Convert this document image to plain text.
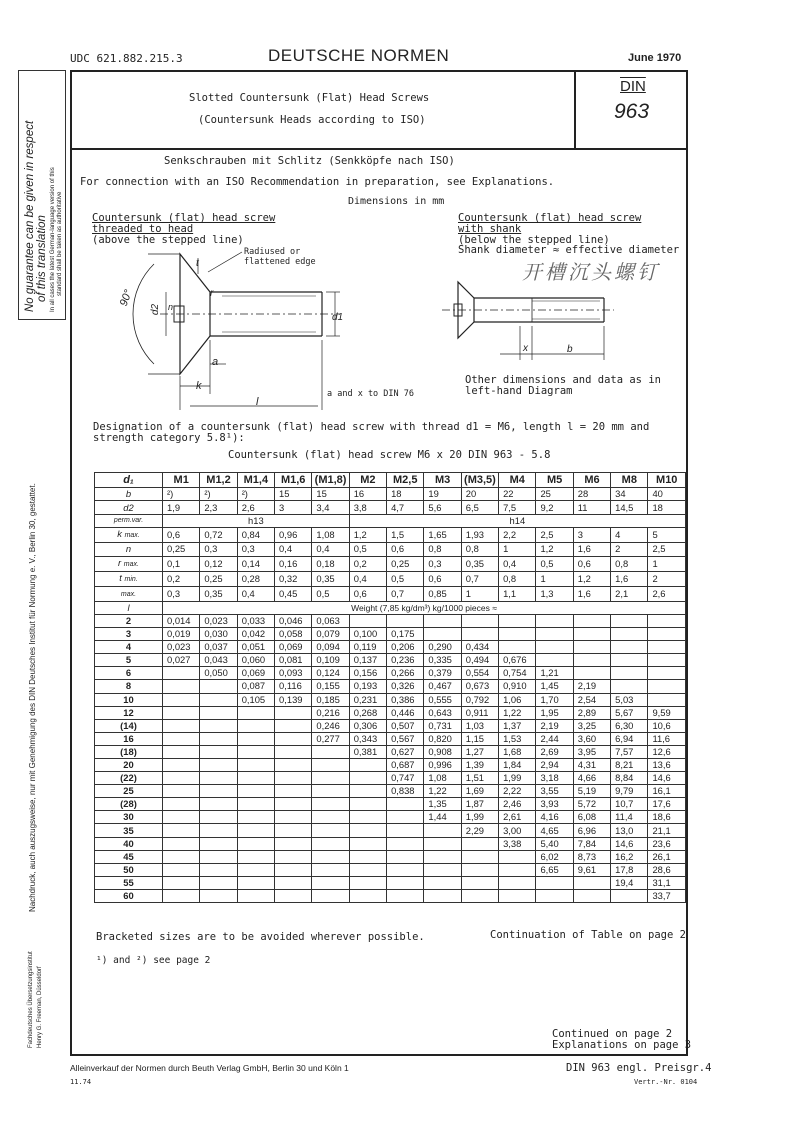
UDC 621.882.215.3	DEUTSCHE NORMEN	June 1970
Slotted Countersunk (Flat) Head Screws
(Countersunk Heads according to ISO)
DIN
963
No guarantee can be given in respect of this translation In all cases the latest German-language version of this standard shall be taken as authoritative
Nachdruck, auch auszugsweise, nur mit Genehmigung des DIN Deutsches Institut für Normung e. V., Berlin 30, gestattet.
Fachdeutsches Übersetzungsinstitut Henry G. Freeman, Düsseldorf
Senkschrauben mit Schlitz (Senkköpfe nach ISO)
For connection with an ISO Recommendation in preparation, see Explanations.
Dimensions in mm
Countersunk (flat) head screw
threaded to head
(above the stepped line)
Radiused or
flattened edge
90°
d2
d1
t
r
n
k
a
l
a and x to DIN 76
Countersunk (flat) head screw
with shank
(below the stepped line)
Shank diameter ≈ effective diameter
开槽沉头螺钉
x	b
Other dimensions and data as in
left-hand Diagram
Designation of a countersunk (flat) head screw with thread d1 = M6, length l = 20 mm and
strength category 5.8¹):
Countersunk (flat) head screw M6 x 20 DIN 963 - 5.8
d₁	M1	M1,2	M1,4	M1,6	(M1,8)	M2	M2,5	M3	(M3,5)	M4	M5	M6	M8	M10
b	²)	²)	²)	15	15	16	18	19	20	22	25	28	34	40
d2	1,9	2,3	2,6	3	3,4	3,8	4,7	5,6	6,5	7,5	9,2	11	14,5	18
perm.var.	h13					h14								
k max.	0,6	0,72	0,84	0,96	1,08	1,2	1,5	1,65	1,93	2,2	2,5	3	4	5
n	0,25	0,3	0,3	0,4	0,4	0,5	0,6	0,8	0,8	1	1,2	1,6	2	2,5
r max.	0,1	0,12	0,14	0,16	0,18	0,2	0,25	0,3	0,35	0,4	0,5	0,6	0,8	1
t min.	0,2	0,25	0,28	0,32	0,35	0,4	0,5	0,6	0,7	0,8	1	1,2	1,6	2
max.	0,3	0,35	0,4	0,45	0,5	0,6	0,7	0,85	1	1,1	1,3	1,6	2,1	2,6
l	Weight (7,85 kg/dm³) kg/1000 pieces ≈													
2	0,014	0,023	0,033	0,046	0,063									
3	0,019	0,030	0,042	0,058	0,079	0,100	0,175							
4	0,023	0,037	0,051	0,069	0,094	0,119	0,206	0,290	0,434					
5	0,027	0,043	0,060	0,081	0,109	0,137	0,236	0,335	0,494	0,676				
6		0,050	0,069	0,093	0,124	0,156	0,266	0,379	0,554	0,754	1,21			
8			0,087	0,116	0,155	0,193	0,326	0,467	0,673	0,910	1,45	2,19		
10			0,105	0,139	0,185	0,231	0,386	0,555	0,792	1,06	1,70	2,54	5,03	
12					0,216	0,268	0,446	0,643	0,911	1,22	1,95	2,89	5,67	9,59
(14)					0,246	0,306	0,507	0,731	1,03	1,37	2,19	3,25	6,30	10,6
16					0,277	0,343	0,567	0,820	1,15	1,53	2,44	3,60	6,94	11,6
(18)						0,381	0,627	0,908	1,27	1,68	2,69	3,95	7,57	12,6
20							0,687	0,996	1,39	1,84	2,94	4,31	8,21	13,6
(22)							0,747	1,08	1,51	1,99	3,18	4,66	8,84	14,6
25							0,838	1,22	1,69	2,22	3,55	5,19	9,79	16,1
(28)								1,35	1,87	2,46	3,93	5,72	10,7	17,6
30								1,44	1,99	2,61	4,16	6,08	11,4	18,6
35									2,29	3,00	4,65	6,96	13,0	21,1
40										3,38	5,40	7,84	14,6	23,6
45											6,02	8,73	16,2	26,1
50											6,65	9,61	17,8	28,6
55													19,4	31,1
60														33,7
Bracketed sizes are to be avoided wherever possible.	Continuation of Table on page 2
¹) and ²) see page 2
Continued on page 2
Explanations on page 3
Alleinverkauf der Normen durch Beuth Verlag GmbH, Berlin 30 und Köln 1	DIN 963 engl. Preisgr.4
11.74	Vertr.-Nr. 0104
